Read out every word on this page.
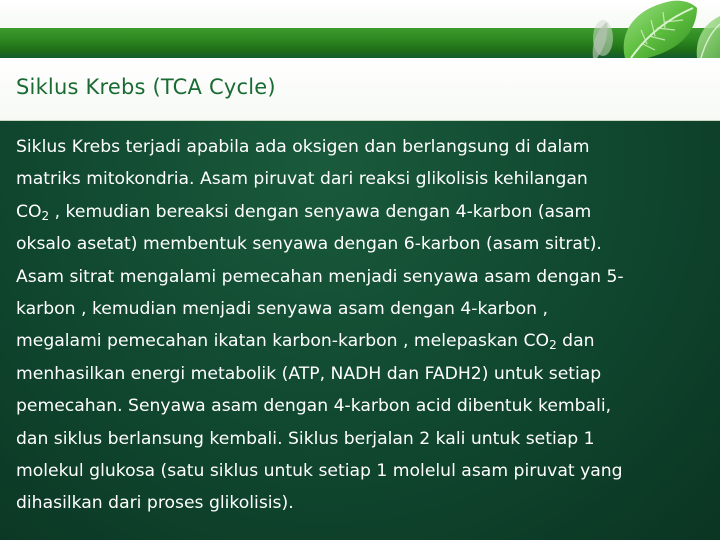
Siklus Krebs (TCA Cycle)
Siklus Krebs terjadi apabila ada oksigen dan berlangsung di dalam
matriks mitokondria. Asam piruvat dari reaksi glikolisis kehilangan
$CO_2$ , kemudian bereaksi dengan senyawa dengan 4-karbon (asam
oksalo asetat) membentuk senyawa dengan 6-karbon (asam sitrat).
Asam sitrat mengalami pemecahan menjadi senyawa asam dengan 5-
karbon , kemudian menjadi senyawa asam dengan 4-karbon ,
megalami pemecahan ikatan karbon-karbon , melepaskan $CO_2$ dan
menhasilkan energi metabolik (ATP, NADH dan FADH2) untuk setiap
pemecahan. Senyawa asam dengan 4-karbon acid dibentuk kembali,
dan siklus berlansung kembali. Siklus berjalan 2 kali untuk setiap 1
molekul glukosa (satu siklus untuk setiap 1 molelul asam piruvat yang
dihasilkan dari proses glikolisis).
